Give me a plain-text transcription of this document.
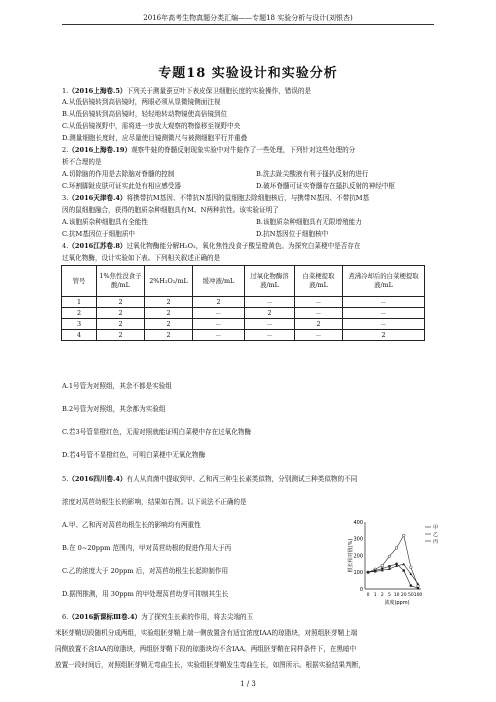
2016年高考生物真题分类汇编——专题18 实验分析与设计(刘银杏)
专题18 实验设计和实验分析
1.（2016上海卷.5）下列关于测量蚕豆叶下表皮保卫细胞长度的实验操作，错误的是
A.从低倍镜转到高倍镜时，两眼必须从显微镜侧面注视
B.从低倍镜转到高倍镜时，轻轻地转动物镜使高倍镜到位
C.从低倍镜视野中，需将进一步放大观察的物像移至视野中央
D.测量细胞长度时，应尽量使目镜测微尺与被测细胞平行并重叠
2.（2016上海卷.19）观察牛蛙的脊髓反射现象实验中对牛蛙作了一些处理，下列针对这些处理的分
析不合理的是
A.切除脑的作用是去除脑对脊髓的控制	B.洗去趾尖酸液有利于搔扒反射的进行
C.环割脚趾皮肤可证实此处有相应感受器	D.破坏脊髓可证实脊髓存在搔扒反射的神经中枢
3.（2016天津卷.4）将携带抗M基因、不带抗N基因的鼠细胞去除细胞核后，与携带N基因、不带抗M基
因的鼠细胞融合，获得的胞质杂种细胞具有M、N两种抗性。该实验证明了
A.该胞质杂种细胞具有全能性	B.该胞质杂种细胞具有无限增殖能力
C.抗M基因位于细胞质中	D.抗N基因位于细胞核中
4.（2016江苏卷.8）过氧化物酶能分解H₂O₂，氧化焦性没食子酸呈橙黄色。为探究白菜梗中是否存在
过氧化物酶，设计实验如下表。下列相关叙述正确的是
管号	1%焦性没食子酸/mL	2%H₂O₂/mL	缓冲液/mL	过氧化物酶溶液/mL	白菜梗提取液/mL	煮沸冷却后的白菜梗提取液/mL
1	2	2	2	－	－	－
2	2	2	－	2	－	－
3	2	2	－	－	2	－
4	2	2	－	－	－	2
A.1号管为对照组，其余不都是实验组
B.2号管为对照组，其余都为实验组
C.若3号管显橙红色，无需对照就能证明白菜梗中存在过氧化物酶
D.若4号管不显橙红色，可明白菜梗中无氧化物酶
5.（2016四川卷.4）有人从真菌中提取到甲、乙和丙三种生长素类似物，分别测试三种类似物的不同
浓度对莴苣幼根生长的影响，结果如右图。以下说法不正确的是
A.甲、乙和丙对莴苣幼根生长的影响均有两重性
B.在 0~20ppm 范围内，甲对莴苣幼根的促进作用大于丙
C.乙的浓度大于 20ppm 后，对莴苣幼根生长起抑制作用
D.据图推测，用 30ppm 的甲处理莴苣幼芽可抑制其生长
0
100
200
300
400
0 1 2 5 10 20 50 100
根长相对值(%)
浓度(ppm)
甲
乙
丙
6.（2016新课标Ⅲ卷.4）为了探究生长素的作用，将去尖端的玉
米胚芽鞘切段随机分成两组，实验组胚芽鞘上端一侧放置含有适宜浓度IAA的琼脂块，对照组胚芽鞘上端
同侧放置不含IAA的琼脂块，两组胚芽鞘下段的琼脂块均不含IAA。两组胚芽鞘在同样条件下，在黑暗中
放置一段时间后，对照组胚芽鞘无弯曲生长，实验组胚芽鞘发生弯曲生长，如图所示。根据实验结果判断，
1 / 3
